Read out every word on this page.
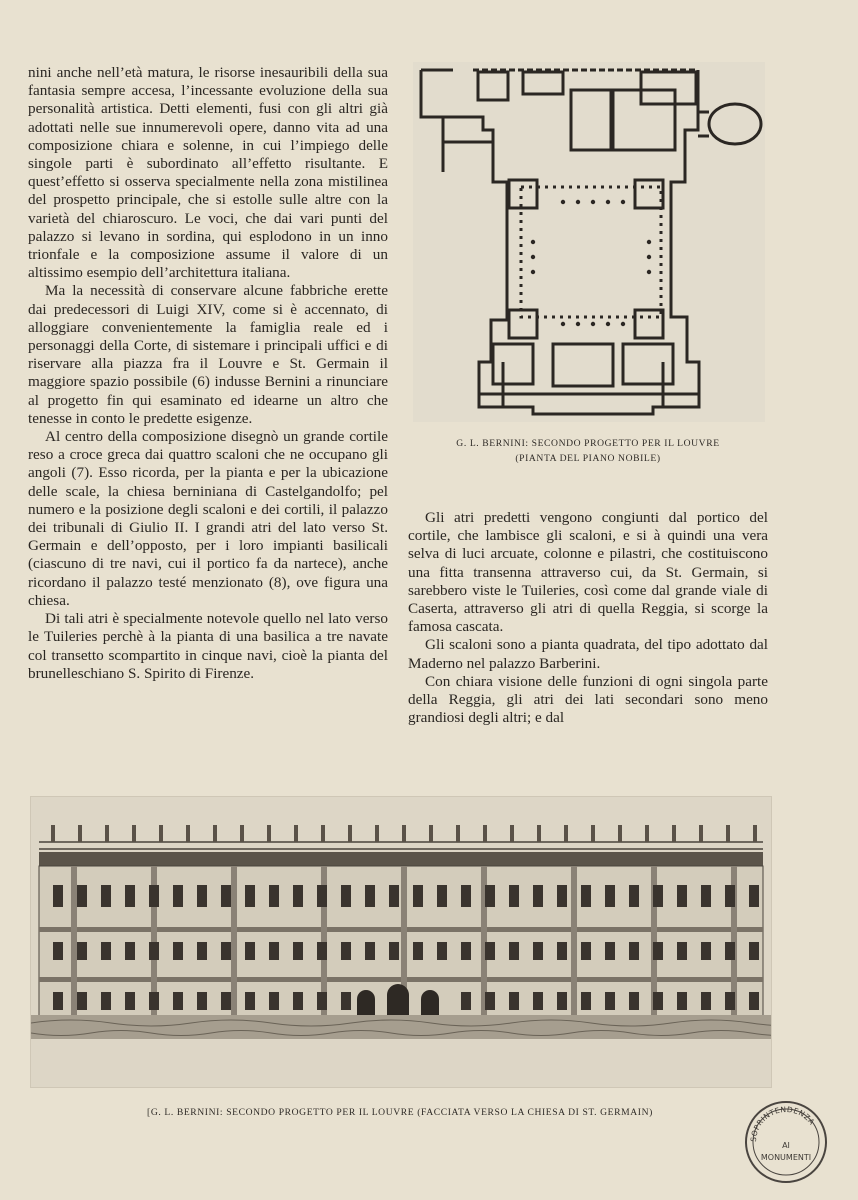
nini anche nell’età matura, le risorse inesauribili della sua fantasia sempre accesa, l’incessante evoluzione della sua personalità artistica. Detti elementi, fusi con gli altri già adottati nelle sue innumerevoli opere, danno vita ad una composizione chiara e solenne, in cui l’impiego delle singole parti è subordinato all’effetto risultante. E quest’effetto si osserva specialmente nella zona mistilinea del prospetto principale, che si estolle sulle altre con la varietà del chiaroscuro. Le voci, che dai vari punti del palazzo si levano in sordina, qui esplodono in un inno trionfale e la composizione assume il valore di un altissimo esempio dell’architettura italiana.

Ma la necessità di conservare alcune fabbriche erette dai predecessori di Luigi XIV, come si è accennato, di alloggiare convenientemente la famiglia reale ed i personaggi della Corte, di sistemare i principali uffici e di riservare alla piazza fra il Louvre e St. Germain il maggiore spazio possibile (6) indusse Bernini a rinunciare al progetto fin qui esaminato ed idearne un altro che tenesse in conto le predette esigenze.

Al centro della composizione disegnò un grande cortile reso a croce greca dai quattro scaloni che ne occupano gli angoli (7). Esso ricorda, per la pianta e per la ubicazione delle scale, la chiesa berniniana di Castelgandolfo; pel numero e la posizione degli scaloni e dei cortili, il palazzo dei tribunali di Giulio II. I grandi atri del lato verso St. Germain e dell’opposto, per i loro impianti basilicali (ciascuno di tre navi, cui il portico fa da nartece), anche ricordano il palazzo testé menzionato (8), ove figura una chiesa.

Di tali atri è specialmente notevole quello nel lato verso le Tuileries perchè à la pianta di una basilica a tre navate col transetto scompartito in cinque navi, cioè la pianta del brunelleschiano S. Spirito di Firenze.

G. L. BERNINI: SECONDO PROGETTO PER IL LOUVRE
(PIANTA DEL PIANO NOBILE)

Gli atri predetti vengono congiunti dal portico del cortile, che lambisce gli scaloni, e si à quindi una vera selva di luci arcuate, colonne e pilastri, che costituiscono una fitta transenna attraverso cui, da St. Germain, si sarebbero viste le Tuileries, così come dal grande viale di Caserta, attraverso gli atri di quella Reggia, si scorge la famosa cascata.

Gli scaloni sono a pianta quadrata, del tipo adottato dal Maderno nel palazzo Barberini.

Con chiara visione delle funzioni di ogni singola parte della Reggia, gli atri dei lati secondari sono meno grandiosi degli altri; e dal

[G. L. BERNINI: SECONDO PROGETTO PER IL LOUVRE (FACCIATA VERSO LA CHIESA DI ST. GERMAIN)
SOPRINTENDENZA
AI
MONUMENTI
